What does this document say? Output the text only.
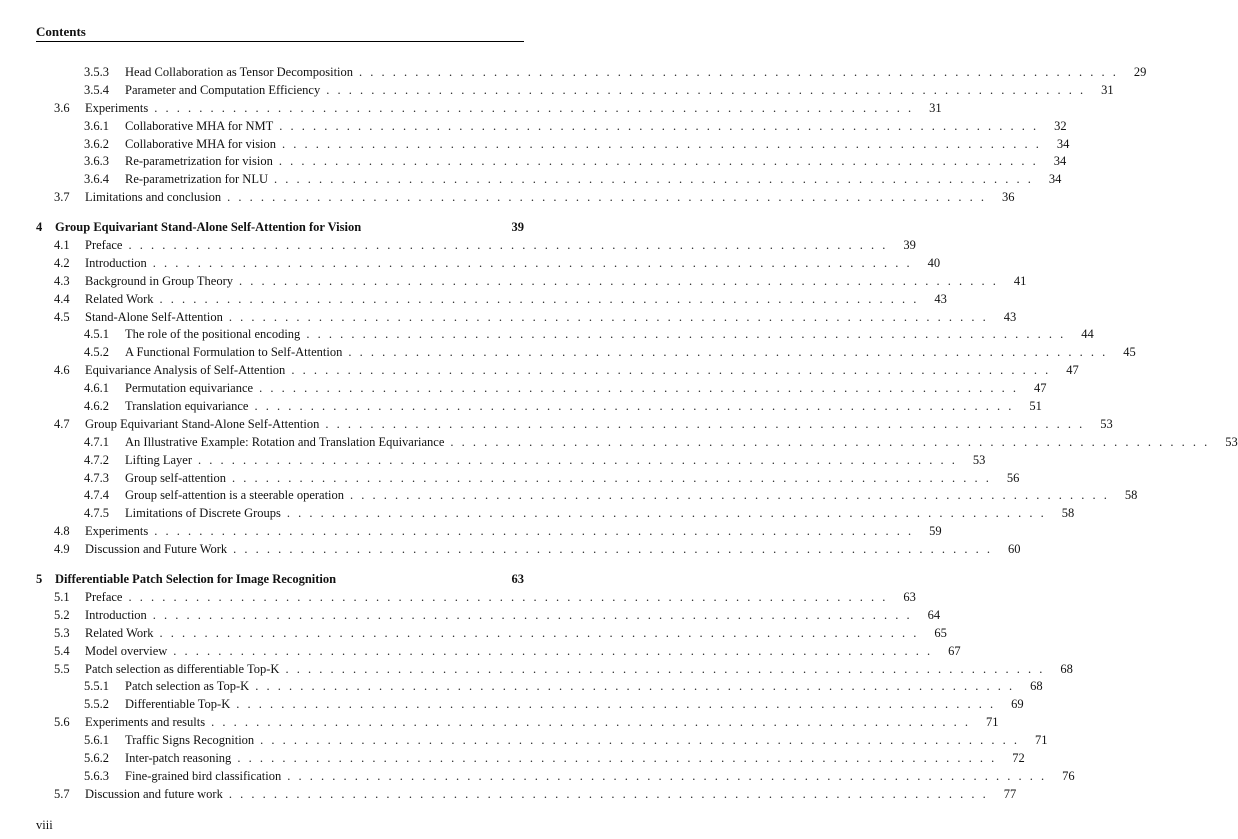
Contents
3.5.3	Head Collaboration as Tensor Decomposition . . . . . . . . . . . . . . . . . . . . . . . . . . . . . . . . . . . . . . . . . . . . . . . . . . . . . . . . . . . . . . . . . . . .	29
3.5.4	Parameter and Computation Efficiency . . . . . . . . . . . . . . . . . . . . . . . . . . . . . . . . . . . . . . . . . . . . . . . . . . . . . . . . . . . . . . . . . . . .	31
3.6	Experiments . . . . . . . . . . . . . . . . . . . . . . . . . . . . . . . . . . . . . . . . . . . . . . . . . . . . . . . . . . . . . . . . . . . .	31
3.6.1	Collaborative MHA for NMT . . . . . . . . . . . . . . . . . . . . . . . . . . . . . . . . . . . . . . . . . . . . . . . . . . . . . . . . . . . . . . . . . . . .	32
3.6.2	Collaborative MHA for vision . . . . . . . . . . . . . . . . . . . . . . . . . . . . . . . . . . . . . . . . . . . . . . . . . . . . . . . . . . . . . . . . . . . .	34
3.6.3	Re-parametrization for vision . . . . . . . . . . . . . . . . . . . . . . . . . . . . . . . . . . . . . . . . . . . . . . . . . . . . . . . . . . . . . . . . . . . .	34
3.6.4	Re-parametrization for NLU . . . . . . . . . . . . . . . . . . . . . . . . . . . . . . . . . . . . . . . . . . . . . . . . . . . . . . . . . . . . . . . . . . . .	34
3.7	Limitations and conclusion . . . . . . . . . . . . . . . . . . . . . . . . . . . . . . . . . . . . . . . . . . . . . . . . . . . . . . . . . . . . . . . . . . . .	36
4	Group Equivariant Stand-Alone Self-Attention for Vision	39
4.1	Preface . . . . . . . . . . . . . . . . . . . . . . . . . . . . . . . . . . . . . . . . . . . . . . . . . . . . . . . . . . . . . . . . . . . .	39
4.2	Introduction . . . . . . . . . . . . . . . . . . . . . . . . . . . . . . . . . . . . . . . . . . . . . . . . . . . . . . . . . . . . . . . . . . . .	40
4.3	Background in Group Theory . . . . . . . . . . . . . . . . . . . . . . . . . . . . . . . . . . . . . . . . . . . . . . . . . . . . . . . . . . . . . . . . . . . .	41
4.4	Related Work . . . . . . . . . . . . . . . . . . . . . . . . . . . . . . . . . . . . . . . . . . . . . . . . . . . . . . . . . . . . . . . . . . . .	43
4.5	Stand-Alone Self-Attention . . . . . . . . . . . . . . . . . . . . . . . . . . . . . . . . . . . . . . . . . . . . . . . . . . . . . . . . . . . . . . . . . . . .	43
4.5.1	The role of the positional encoding . . . . . . . . . . . . . . . . . . . . . . . . . . . . . . . . . . . . . . . . . . . . . . . . . . . . . . . . . . . . . . . . . . . .	44
4.5.2	A Functional Formulation to Self-Attention . . . . . . . . . . . . . . . . . . . . . . . . . . . . . . . . . . . . . . . . . . . . . . . . . . . . . . . . . . . . . . . . . . . .	45
4.6	Equivariance Analysis of Self-Attention . . . . . . . . . . . . . . . . . . . . . . . . . . . . . . . . . . . . . . . . . . . . . . . . . . . . . . . . . . . . . . . . . . . .	47
4.6.1	Permutation equivariance . . . . . . . . . . . . . . . . . . . . . . . . . . . . . . . . . . . . . . . . . . . . . . . . . . . . . . . . . . . . . . . . . . . .	47
4.6.2	Translation equivariance . . . . . . . . . . . . . . . . . . . . . . . . . . . . . . . . . . . . . . . . . . . . . . . . . . . . . . . . . . . . . . . . . . . .	51
4.7	Group Equivariant Stand-Alone Self-Attention . . . . . . . . . . . . . . . . . . . . . . . . . . . . . . . . . . . . . . . . . . . . . . . . . . . . . . . . . . . . . . . . . . . .	53
4.7.1	An Illustrative Example: Rotation and Translation Equivariance . . . . . . . . . . . . . . . . . . . . . . . . . . . . . . . . . . . . . . . . . . . . . . . . . . . . . . . . . . . . . . . . . . . .	53
4.7.2	Lifting Layer . . . . . . . . . . . . . . . . . . . . . . . . . . . . . . . . . . . . . . . . . . . . . . . . . . . . . . . . . . . . . . . . . . . .	53
4.7.3	Group self-attention . . . . . . . . . . . . . . . . . . . . . . . . . . . . . . . . . . . . . . . . . . . . . . . . . . . . . . . . . . . . . . . . . . . .	56
4.7.4	Group self-attention is a steerable operation . . . . . . . . . . . . . . . . . . . . . . . . . . . . . . . . . . . . . . . . . . . . . . . . . . . . . . . . . . . . . . . . . . . .	58
4.7.5	Limitations of Discrete Groups . . . . . . . . . . . . . . . . . . . . . . . . . . . . . . . . . . . . . . . . . . . . . . . . . . . . . . . . . . . . . . . . . . . .	58
4.8	Experiments . . . . . . . . . . . . . . . . . . . . . . . . . . . . . . . . . . . . . . . . . . . . . . . . . . . . . . . . . . . . . . . . . . . .	59
4.9	Discussion and Future Work . . . . . . . . . . . . . . . . . . . . . . . . . . . . . . . . . . . . . . . . . . . . . . . . . . . . . . . . . . . . . . . . . . . .	60
5	Differentiable Patch Selection for Image Recognition	63
5.1	Preface . . . . . . . . . . . . . . . . . . . . . . . . . . . . . . . . . . . . . . . . . . . . . . . . . . . . . . . . . . . . . . . . . . . .	63
5.2	Introduction . . . . . . . . . . . . . . . . . . . . . . . . . . . . . . . . . . . . . . . . . . . . . . . . . . . . . . . . . . . . . . . . . . . .	64
5.3	Related Work . . . . . . . . . . . . . . . . . . . . . . . . . . . . . . . . . . . . . . . . . . . . . . . . . . . . . . . . . . . . . . . . . . . .	65
5.4	Model overview . . . . . . . . . . . . . . . . . . . . . . . . . . . . . . . . . . . . . . . . . . . . . . . . . . . . . . . . . . . . . . . . . . . .	67
5.5	Patch selection as differentiable Top-K . . . . . . . . . . . . . . . . . . . . . . . . . . . . . . . . . . . . . . . . . . . . . . . . . . . . . . . . . . . . . . . . . . . .	68
5.5.1	Patch selection as Top-K . . . . . . . . . . . . . . . . . . . . . . . . . . . . . . . . . . . . . . . . . . . . . . . . . . . . . . . . . . . . . . . . . . . .	68
5.5.2	Differentiable Top-K . . . . . . . . . . . . . . . . . . . . . . . . . . . . . . . . . . . . . . . . . . . . . . . . . . . . . . . . . . . . . . . . . . . .	69
5.6	Experiments and results . . . . . . . . . . . . . . . . . . . . . . . . . . . . . . . . . . . . . . . . . . . . . . . . . . . . . . . . . . . . . . . . . . . .	71
5.6.1	Traffic Signs Recognition . . . . . . . . . . . . . . . . . . . . . . . . . . . . . . . . . . . . . . . . . . . . . . . . . . . . . . . . . . . . . . . . . . . .	71
5.6.2	Inter-patch reasoning . . . . . . . . . . . . . . . . . . . . . . . . . . . . . . . . . . . . . . . . . . . . . . . . . . . . . . . . . . . . . . . . . . . .	72
5.6.3	Fine-grained bird classification . . . . . . . . . . . . . . . . . . . . . . . . . . . . . . . . . . . . . . . . . . . . . . . . . . . . . . . . . . . . . . . . . . . .	76
5.7	Discussion and future work . . . . . . . . . . . . . . . . . . . . . . . . . . . . . . . . . . . . . . . . . . . . . . . . . . . . . . . . . . . . . . . . . . . .	77
viii
